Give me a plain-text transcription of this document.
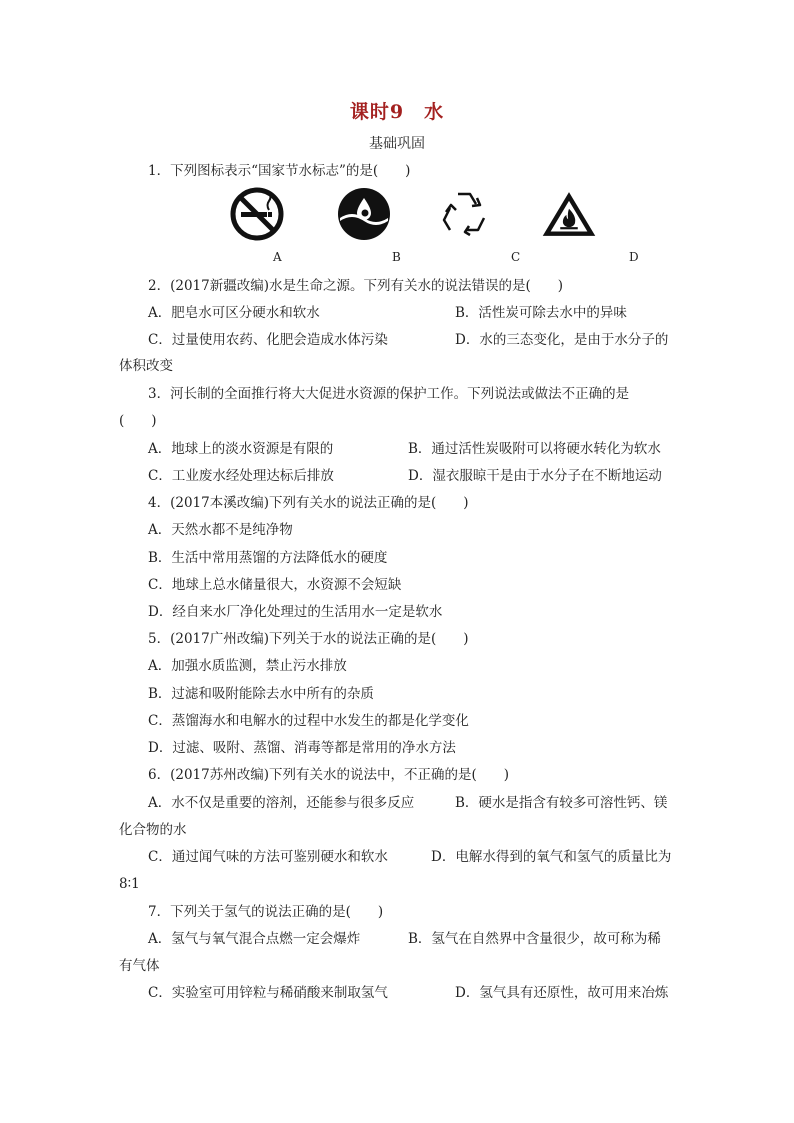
课时9　水
基础巩固
1．下列图标表示“国家节水标志”的是(　　)
A	B	C	D
2．(2017新疆改编)水是生命之源。下列有关水的说法错误的是(　　)
A．肥皂水可区分硬水和软水	B．活性炭可除去水中的异味
C．过量使用农药、化肥会造成水体污染	D．水的三态变化，是由于水分子的
体积改变
3．河长制的全面推行将大大促进水资源的保护工作。下列说法或做法不正确的是
(　　)
A．地球上的淡水资源是有限的	B．通过活性炭吸附可以将硬水转化为软水
C．工业废水经处理达标后排放	D．湿衣服晾干是由于水分子在不断地运动
4．(2017本溪改编)下列有关水的说法正确的是(　　)
A．天然水都不是纯净物
B．生活中常用蒸馏的方法降低水的硬度
C．地球上总水储量很大，水资源不会短缺
D．经自来水厂净化处理过的生活用水一定是软水
5．(2017广州改编)下列关于水的说法正确的是(　　)
A．加强水质监测，禁止污水排放
B．过滤和吸附能除去水中所有的杂质
C．蒸馏海水和电解水的过程中水发生的都是化学变化
D．过滤、吸附、蒸馏、消毒等都是常用的净水方法
6．(2017苏州改编)下列有关水的说法中，不正确的是(　　)
A．水不仅是重要的溶剂，还能参与很多反应	B．硬水是指含有较多可溶性钙、镁
化合物的水
C．通过闻气味的方法可鉴别硬水和软水	D．电解水得到的氧气和氢气的质量比为
8∶1
7．下列关于氢气的说法正确的是(　　)
A．氢气与氧气混合点燃一定会爆炸	B．氢气在自然界中含量很少，故可称为稀
有气体
C．实验室可用锌粒与稀硝酸来制取氢气	D．氢气具有还原性，故可用来冶炼
